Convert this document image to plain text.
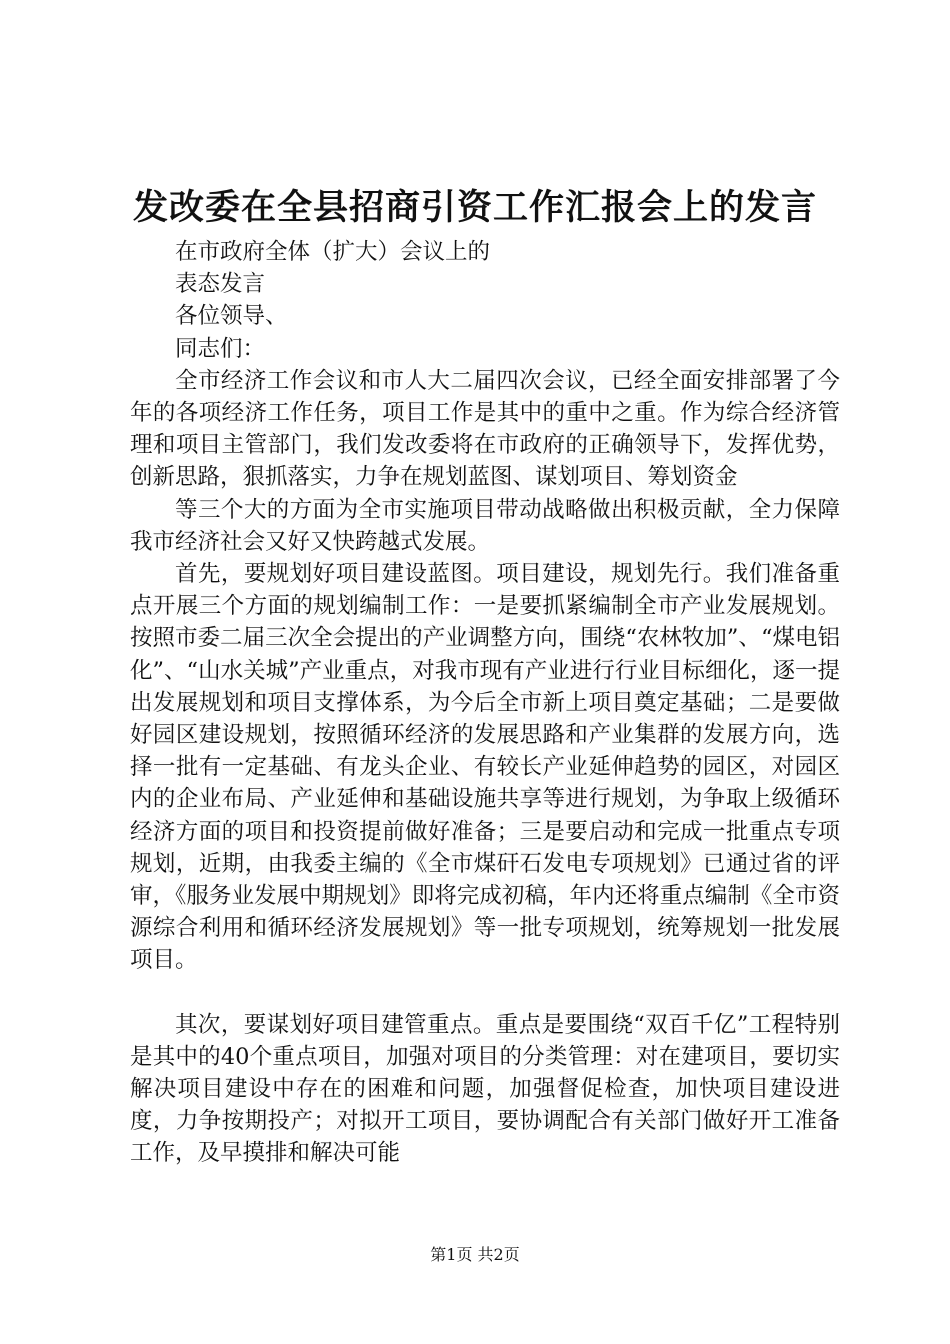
发改委在全县招商引资工作汇报会上的发言

在市政府全体（扩大）会议上的

表态发言

各位领导、

同志们：

全市经济工作会议和市人大二届四次会议，已经全面安排部署了今年的各项经济工作任务，项目工作是其中的重中之重。作为综合经济管理和项目主管部门，我们发改委将在市政府的正确领导下，发挥优势，创新思路，狠抓落实，力争在规划蓝图、谋划项目、筹划资金

等三个大的方面为全市实施项目带动战略做出积极贡献，全力保障我市经济社会又好又快跨越式发展。

首先，要规划好项目建设蓝图。项目建设，规划先行。我们准备重点开展三个方面的规划编制工作：一是要抓紧编制全市产业发展规划。按照市委二届三次全会提出的产业调整方向，围绕“农林牧加”、“煤电铝化”、“山水关城”产业重点，对我市现有产业进行行业目标细化，逐一提出发展规划和项目支撑体系，为今后全市新上项目奠定基础；二是要做好园区建设规划，按照循环经济的发展思路和产业集群的发展方向，选择一批有一定基础、有龙头企业、有较长产业延伸趋势的园区，对园区内的企业布局、产业延伸和基础设施共享等进行规划，为争取上级循环经济方面的项目和投资提前做好准备；三是要启动和完成一批重点专项规划，近期，由我委主编的《全市煤矸石发电专项规划》已通过省的评审，《服务业发展中期规划》即将完成初稿，年内还将重点编制《全市资源综合利用和循环经济发展规划》等一批专项规划，统筹规划一批发展项目。

其次，要谋划好项目建管重点。重点是要围绕“双百千亿”工程特别是其中的40个重点项目，加强对项目的分类管理：对在建项目，要切实解决项目建设中存在的困难和问题，加强督促检查，加快项目建设进度，力争按期投产；对拟开工项目，要协调配合有关部门做好开工准备工作，及早摸排和解决可能

第1页 共2页
